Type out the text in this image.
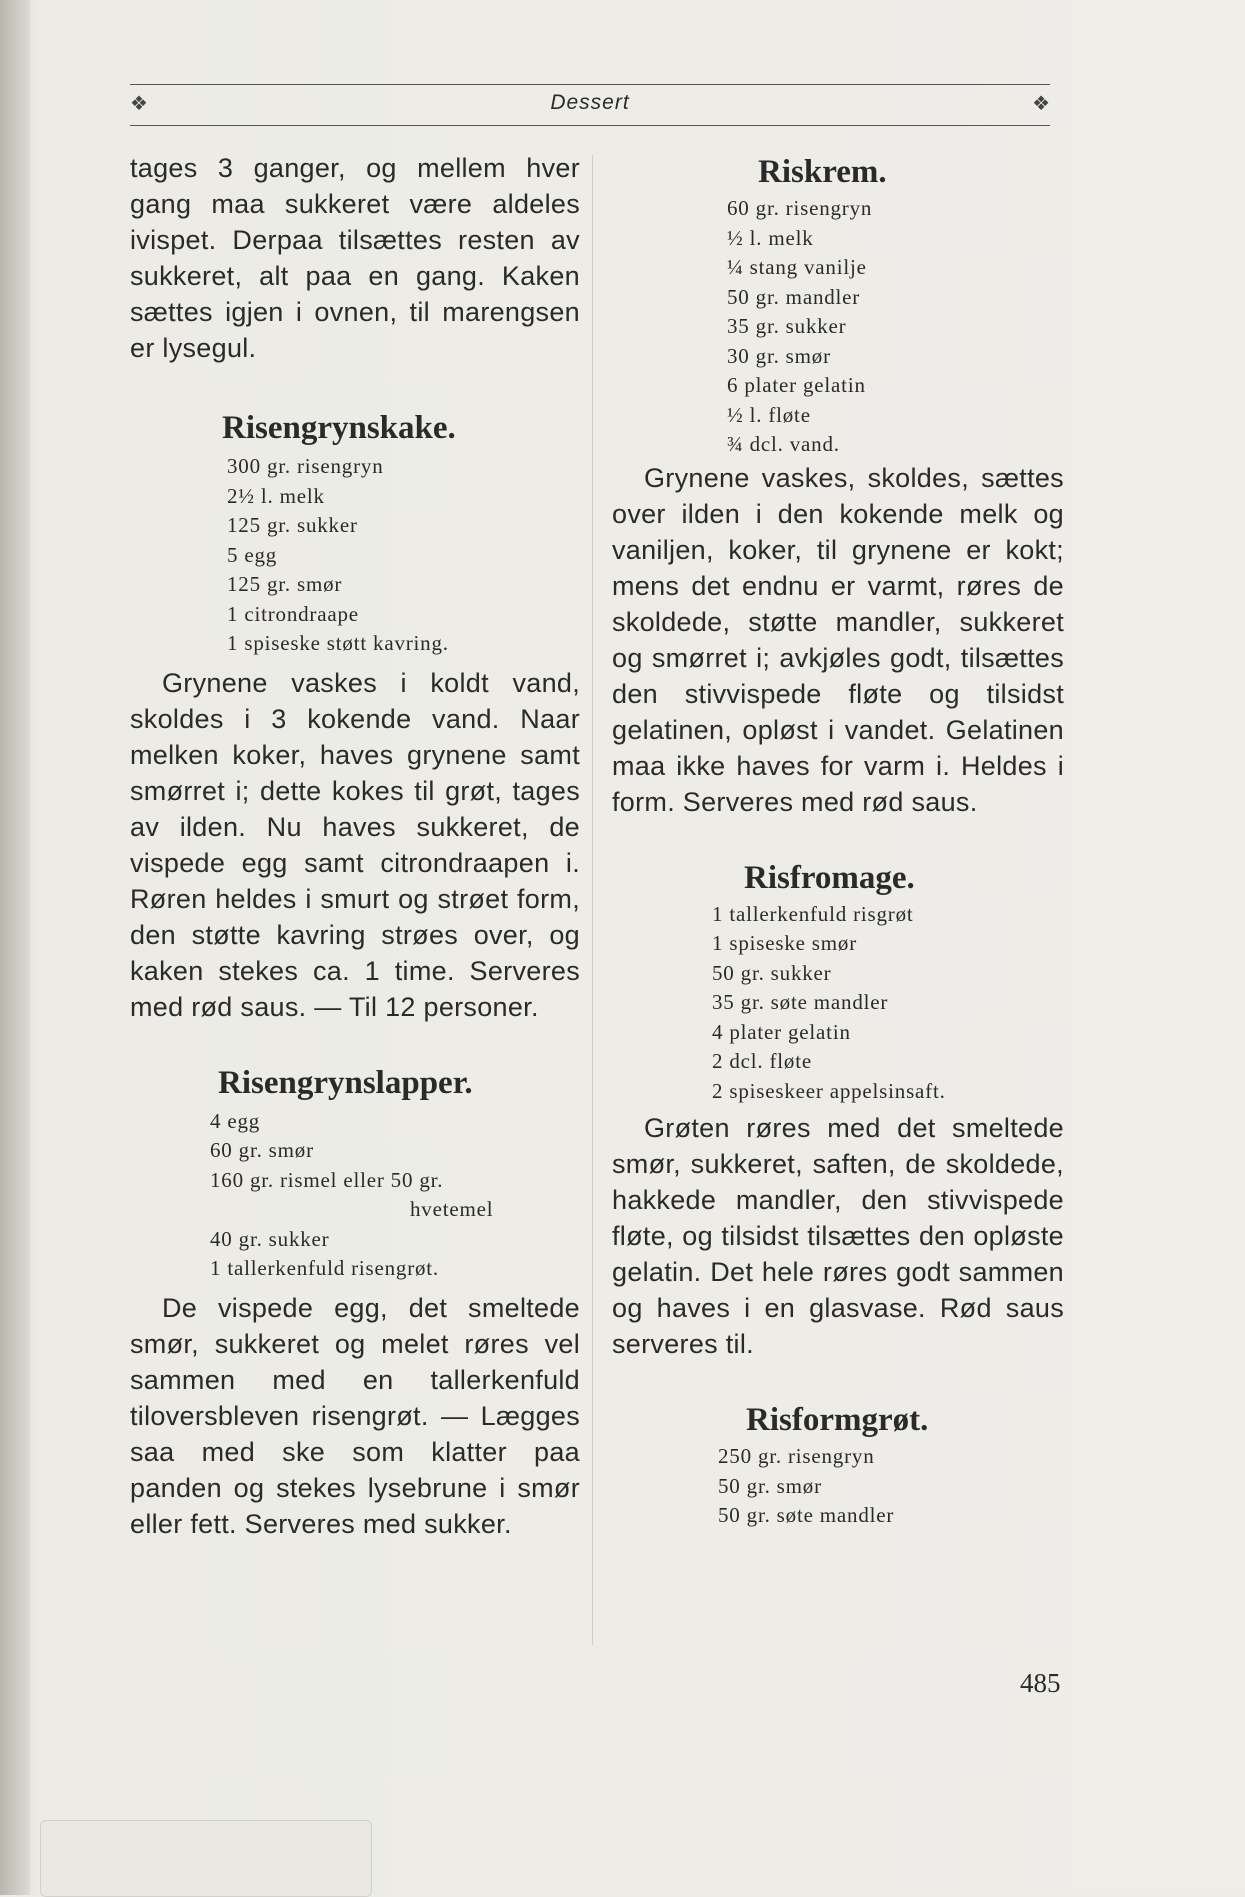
❖	Dessert	❖

tages 3 ganger, og mellem hver gang maa sukkeret være aldeles ivispet. Derpaa tilsættes resten av sukkeret, alt paa en gang. Kaken sættes igjen i ovnen, til marengsen er lysegul.

Risengrynskake.
300 gr. risengryn
2½ l. melk
125 gr. sukker
5 egg
125 gr. smør
1 citrondraape
1 spiseske støtt kavring.

Grynene vaskes i koldt vand, skoldes i 3 kokende vand. Naar melken koker, haves grynene samt smørret i; dette kokes til grøt, tages av ilden. Nu haves sukkeret, de vispede egg samt citrondraapen i. Røren heldes i smurt og strøet form, den støtte kavring strøes over, og kaken stekes ca. 1 time. Serveres med rød saus. — Til 12 personer.

Risengrynslapper.
4 egg
60 gr. smør
160 gr. rismel eller 50 gr.
hvetemel
40 gr. sukker
1 tallerkenfuld risengrøt.

De vispede egg, det smeltede smør, sukkeret og melet røres vel sammen med en tallerkenfuld tiloversbleven risengrøt. — Lægges saa med ske som klatter paa panden og stekes lysebrune i smør eller fett. Serveres med sukker.

Riskrem.
60 gr. risengryn
½ l. melk
¼ stang vanilje
50 gr. mandler
35 gr. sukker
30 gr. smør
6 plater gelatin
½ l. fløte
¾ dcl. vand.

Grynene vaskes, skoldes, sættes over ilden i den kokende melk og vaniljen, koker, til grynene er kokt; mens det endnu er varmt, røres de skoldede, støtte mandler, sukkeret og smørret i; avkjøles godt, tilsættes den stivvispede fløte og tilsidst gelatinen, opløst i vandet. Gelatinen maa ikke haves for varm i. Heldes i form. Serveres med rød saus.

Risfromage.
1 tallerkenfuld risgrøt
1 spiseske smør
50 gr. sukker
35 gr. søte mandler
4 plater gelatin
2 dcl. fløte
2 spiseskeer appelsinsaft.

Grøten røres med det smeltede smør, sukkeret, saften, de skoldede, hakkede mandler, den stivvispede fløte, og tilsidst tilsættes den opløste gelatin. Det hele røres godt sammen og haves i en glasvase. Rød saus serveres til.

Risformgrøt.
250 gr. risengryn
50 gr. smør
50 gr. søte mandler
485
